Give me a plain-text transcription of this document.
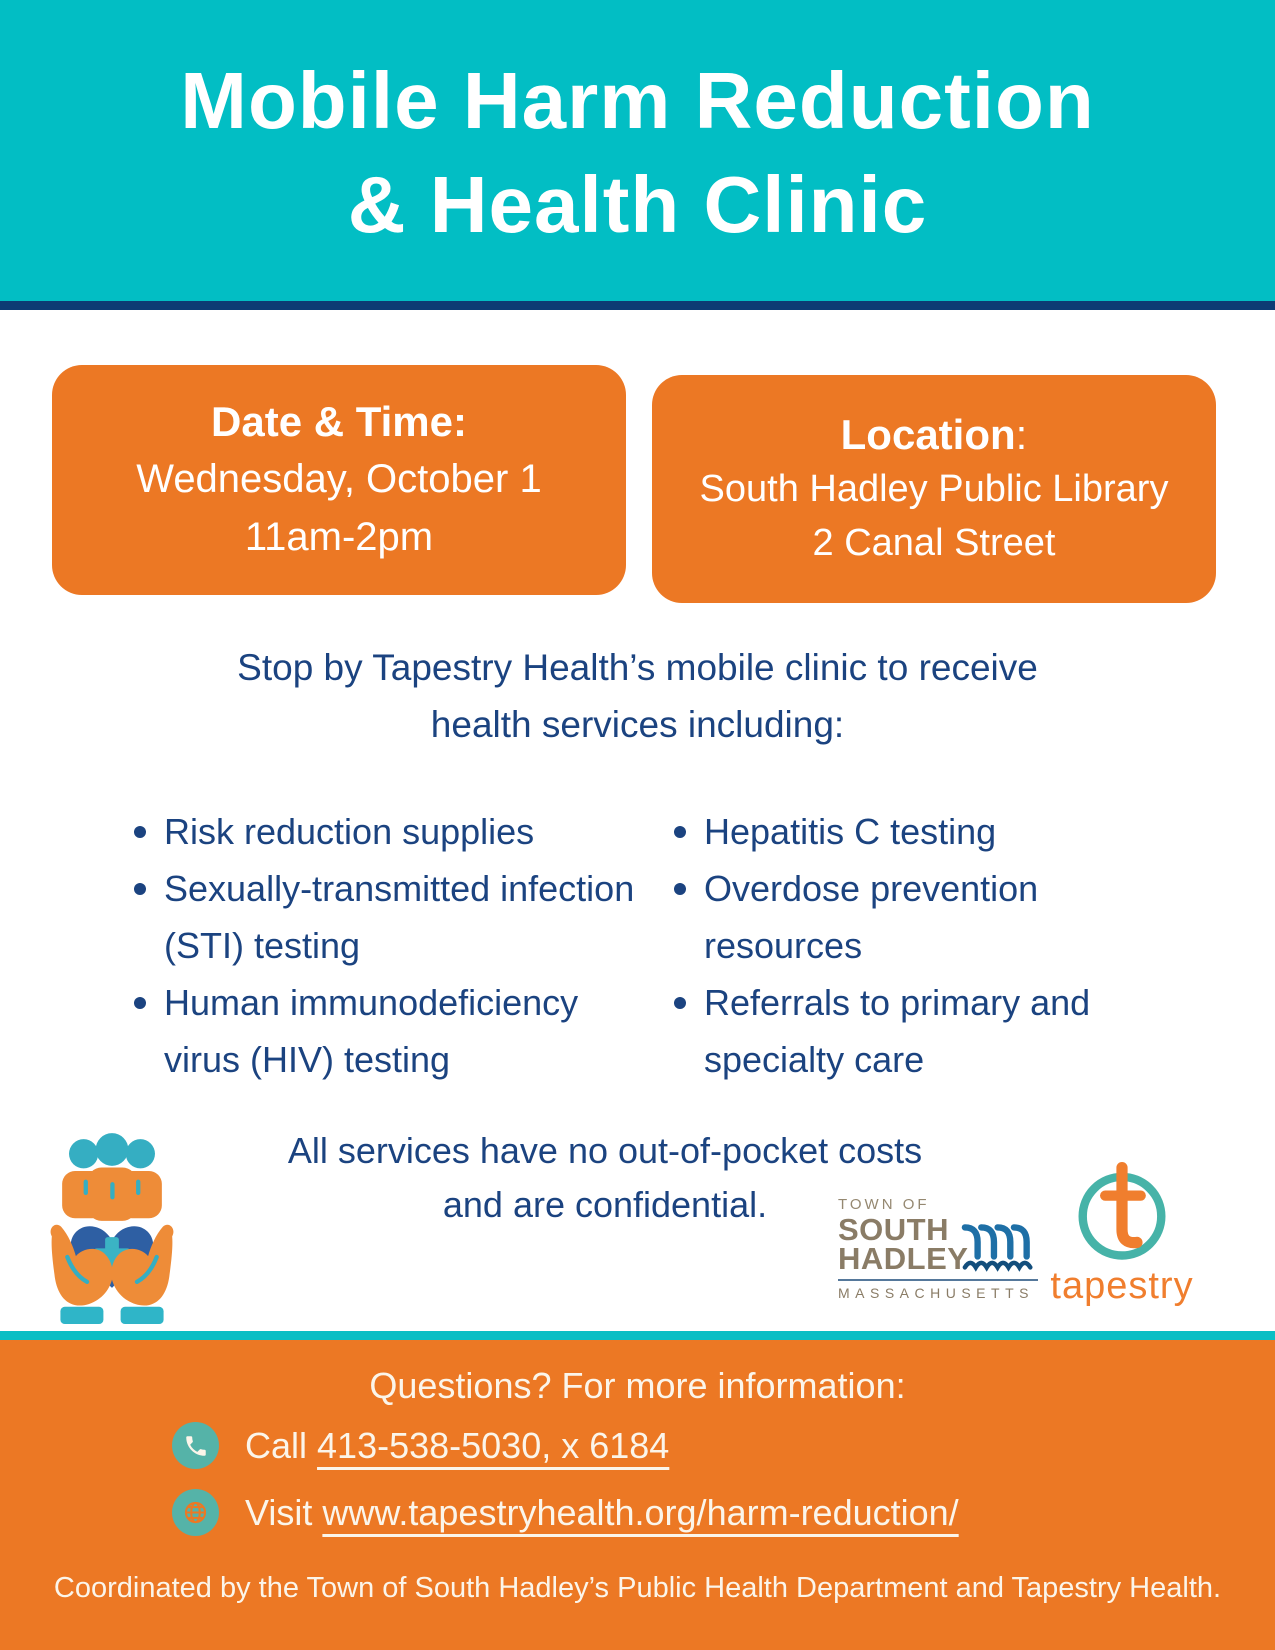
Mobile Harm Reduction
& Health Clinic
Date & Time:
Wednesday, October 1
11am-2pm
Location:
South Hadley Public Library
2 Canal Street
Stop by Tapestry Health’s mobile clinic to receive
health services including:
Risk reduction supplies
Sexually-transmitted infection (STI) testing
Human immunodeficiency virus (HIV) testing
Hepatitis C testing
Overdose prevention resources
Referrals to primary and specialty care
All services have no out-of-pocket costs
and are confidential.	TOWN OF
SOUTH
HADLEY
MASSACHUSETTS tapestry
Questions? For more information:
Call 413-538-5030, x 6184
Visit www.tapestryhealth.org/harm-reduction/
Coordinated by the Town of South Hadley’s Public Health Department and Tapestry Health.
